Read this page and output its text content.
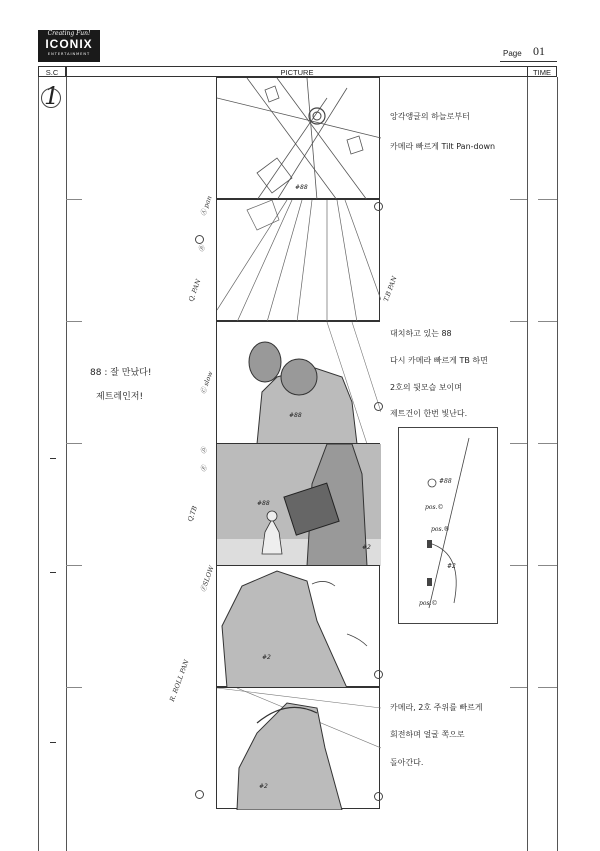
Creating Fun!
ICONIX
ENTERTAINMENT	Page 01
S.C	PICTURE	TIME
1
#88
#88
#88
#2
#2
#2
Ⓐ pan
Ⓑ
Q. PAN	T.B PAN
Ⓒ slow
Ⓓ
Ⓔ
Q.TB
ⒻSLOW
R. ROLL PAN
88 : 잘 만났다!
제트레인저!
앙각앵글의 하늘로부터
카메라 빠르게 Tilt Pan-down
대치하고 있는 88
다시 카메라 빠르게 TB 하면
2호의 뒷모습 보이며
제트건이 한번 빛난다.
카메라, 2호 주위를 빠르게
회전하며 얼굴 쪽으로
돌아간다.
#88
pos.©
pos.®
#2
pos.©
